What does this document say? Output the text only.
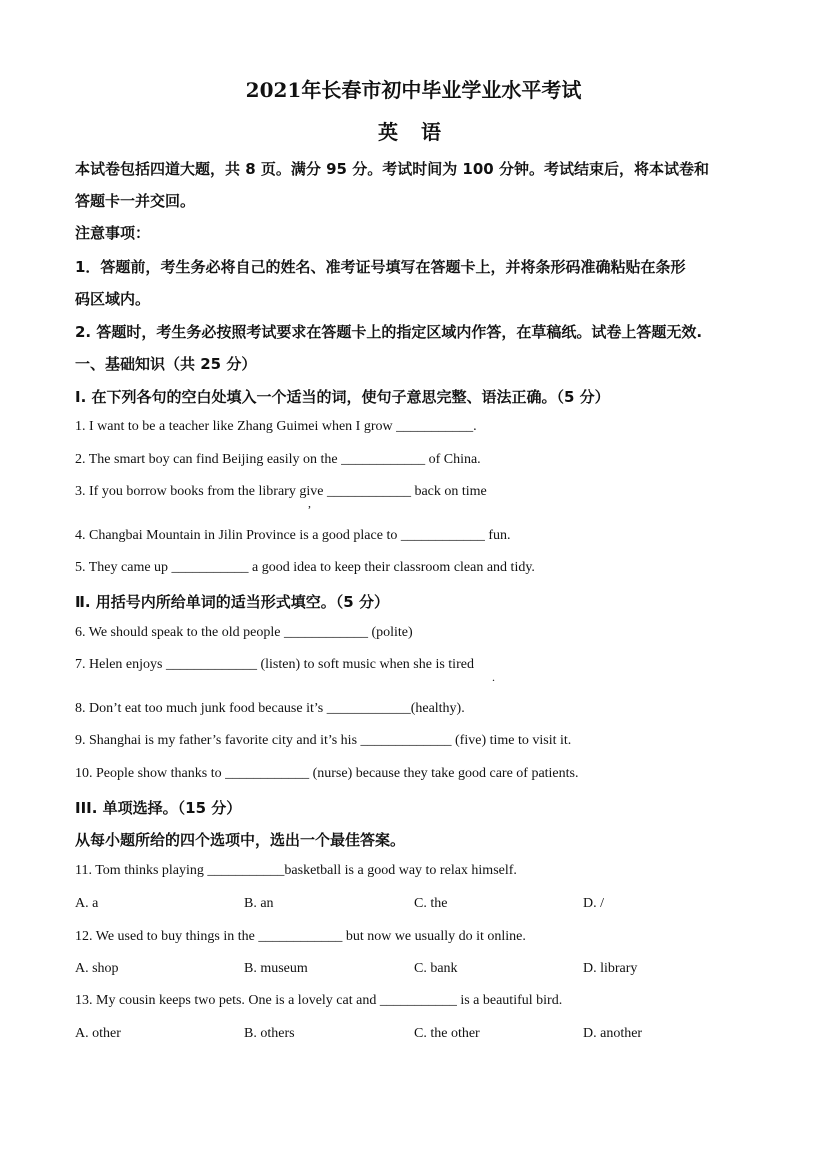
2021年长春市初中毕业学业水平考试
英 语
本试卷包括四道大题，共 8 页。满分 95 分。考试时间为 100 分钟。考试结束后，将本试卷和
答题卡一并交回。
注意事项：
1．答题前，考生务必将自己的姓名、准考证号填写在答题卡上，并将条形码准确粘贴在条形
码区域内。
2. 答题时，考生务必按照考试要求在答题卡上的指定区域内作答，在草稿纸。试卷上答题无效.
一、基础知识（共 25 分）
I. 在下列各句的空白处填入一个适当的词，使句子意思完整、语法正确。（5 分）
1. I want to be a teacher like Zhang Guimei when I grow ___________.
2. The smart boy can find Beijing easily on the ____________ of China.
3. If you borrow books from the library give ____________ back on time
,
4. Changbai Mountain in Jilin Province is a good place to ____________ fun.
5. They came up ___________ a good idea to keep their classroom clean and tidy.
Ⅱ. 用括号内所给单词的适当形式填空。（5 分）
6. We should speak to the old people ____________ (polite)
7. Helen enjoys _____________ (listen) to soft music when she is tired
.
8. Don’t eat too much junk food because it’s ____________(healthy).
9. Shanghai is my father’s favorite city and it’s his _____________ (five) time to visit it.
10. People show thanks to ____________ (nurse) because they take good care of patients.
III. 单项选择。（15 分）
从每小题所给的四个选项中，选出一个最佳答案。
11. Tom thinks playing ___________basketball is a good way to relax himself.
A. a	B. an	C. the	D. /
12. We used to buy things in the ____________ but now we usually do it online.
A. shop	B. museum	C. bank	D. library
13. My cousin keeps two pets. One is a lovely cat and ___________ is a beautiful bird.
A. other	B. others	C. the other	D. another
